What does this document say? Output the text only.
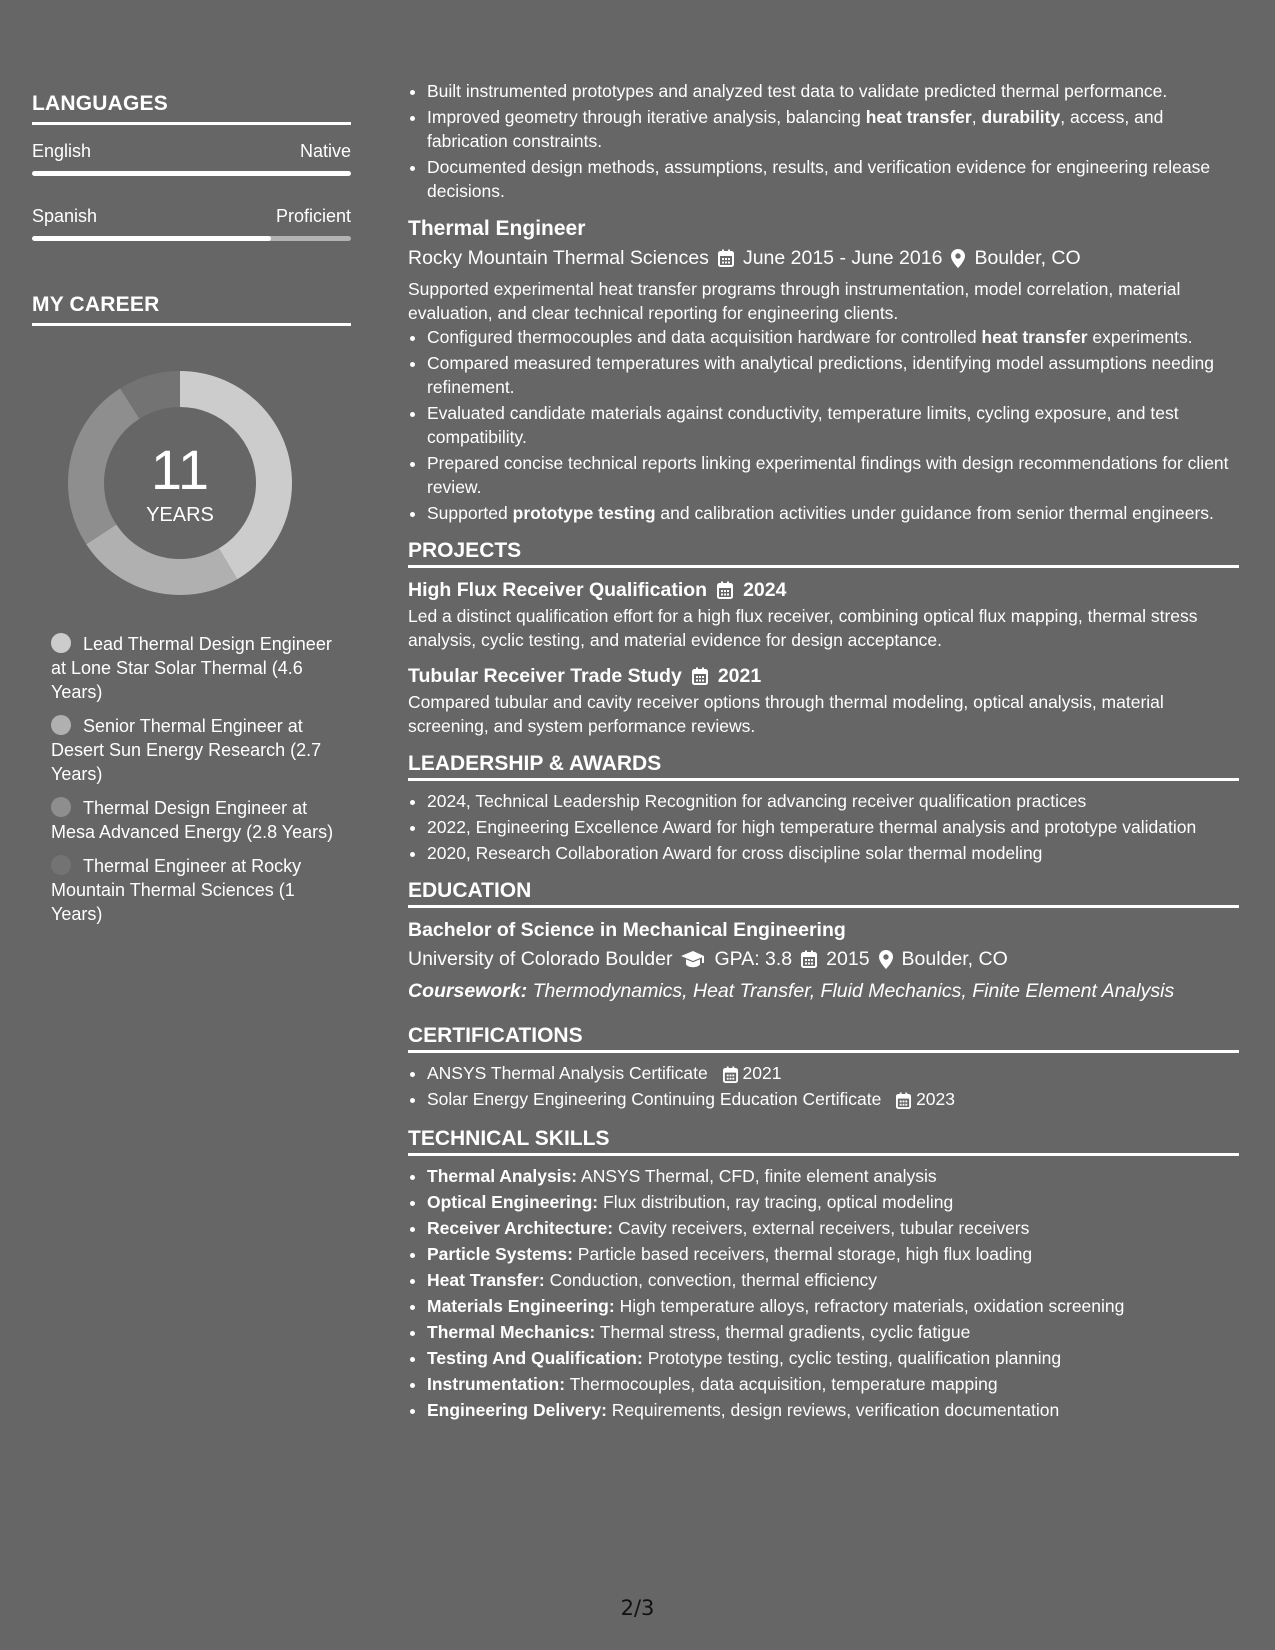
LANGUAGES
English	Native
Spanish	Proficient
MY CAREER
11
YEARS
Lead Thermal Design Engineer at Lone Star Solar Thermal (4.6 Years)
Senior Thermal Engineer at Desert Sun Energy Research (2.7 Years)
Thermal Design Engineer at Mesa Advanced Energy (2.8 Years)
Thermal Engineer at Rocky Mountain Thermal Sciences (1 Years)
• Built instrumented prototypes and analyzed test data to validate predicted thermal performance.
• Improved geometry through iterative analysis, balancing heat transfer, durability, access, and fabrication constraints.
• Documented design methods, assumptions, results, and verification evidence for engineering release decisions.
Thermal Engineer
Rocky Mountain Thermal Sciences June 2015 - June 2016 Boulder, CO
Supported experimental heat transfer programs through instrumentation, model correlation, material evaluation, and clear technical reporting for engineering clients.
• Configured thermocouples and data acquisition hardware for controlled heat transfer experiments.
• Compared measured temperatures with analytical predictions, identifying model assumptions needing refinement.
• Evaluated candidate materials against conductivity, temperature limits, cycling exposure, and test compatibility.
• Prepared concise technical reports linking experimental findings with design recommendations for client review.
• Supported prototype testing and calibration activities under guidance from senior thermal engineers.
PROJECTS
High Flux Receiver Qualification 2024
Led a distinct qualification effort for a high flux receiver, combining optical flux mapping, thermal stress analysis, cyclic testing, and material evidence for design acceptance.
Tubular Receiver Trade Study 2021
Compared tubular and cavity receiver options through thermal modeling, optical analysis, material screening, and system performance reviews.
LEADERSHIP & AWARDS
• 2024, Technical Leadership Recognition for advancing receiver qualification practices
• 2022, Engineering Excellence Award for high temperature thermal analysis and prototype validation
• 2020, Research Collaboration Award for cross discipline solar thermal modeling
EDUCATION
Bachelor of Science in Mechanical Engineering
University of Colorado Boulder GPA: 3.8 2015 Boulder, CO
Coursework: Thermodynamics, Heat Transfer, Fluid Mechanics, Finite Element Analysis
CERTIFICATIONS
• ANSYS Thermal Analysis Certificate 2021
• Solar Energy Engineering Continuing Education Certificate 2023
TECHNICAL SKILLS
• Thermal Analysis: ANSYS Thermal, CFD, finite element analysis
• Optical Engineering: Flux distribution, ray tracing, optical modeling
• Receiver Architecture: Cavity receivers, external receivers, tubular receivers
• Particle Systems: Particle based receivers, thermal storage, high flux loading
• Heat Transfer: Conduction, convection, thermal efficiency
• Materials Engineering: High temperature alloys, refractory materials, oxidation screening
• Thermal Mechanics: Thermal stress, thermal gradients, cyclic fatigue
• Testing And Qualification: Prototype testing, cyclic testing, qualification planning
• Instrumentation: Thermocouples, data acquisition, temperature mapping
• Engineering Delivery: Requirements, design reviews, verification documentation
2/3
